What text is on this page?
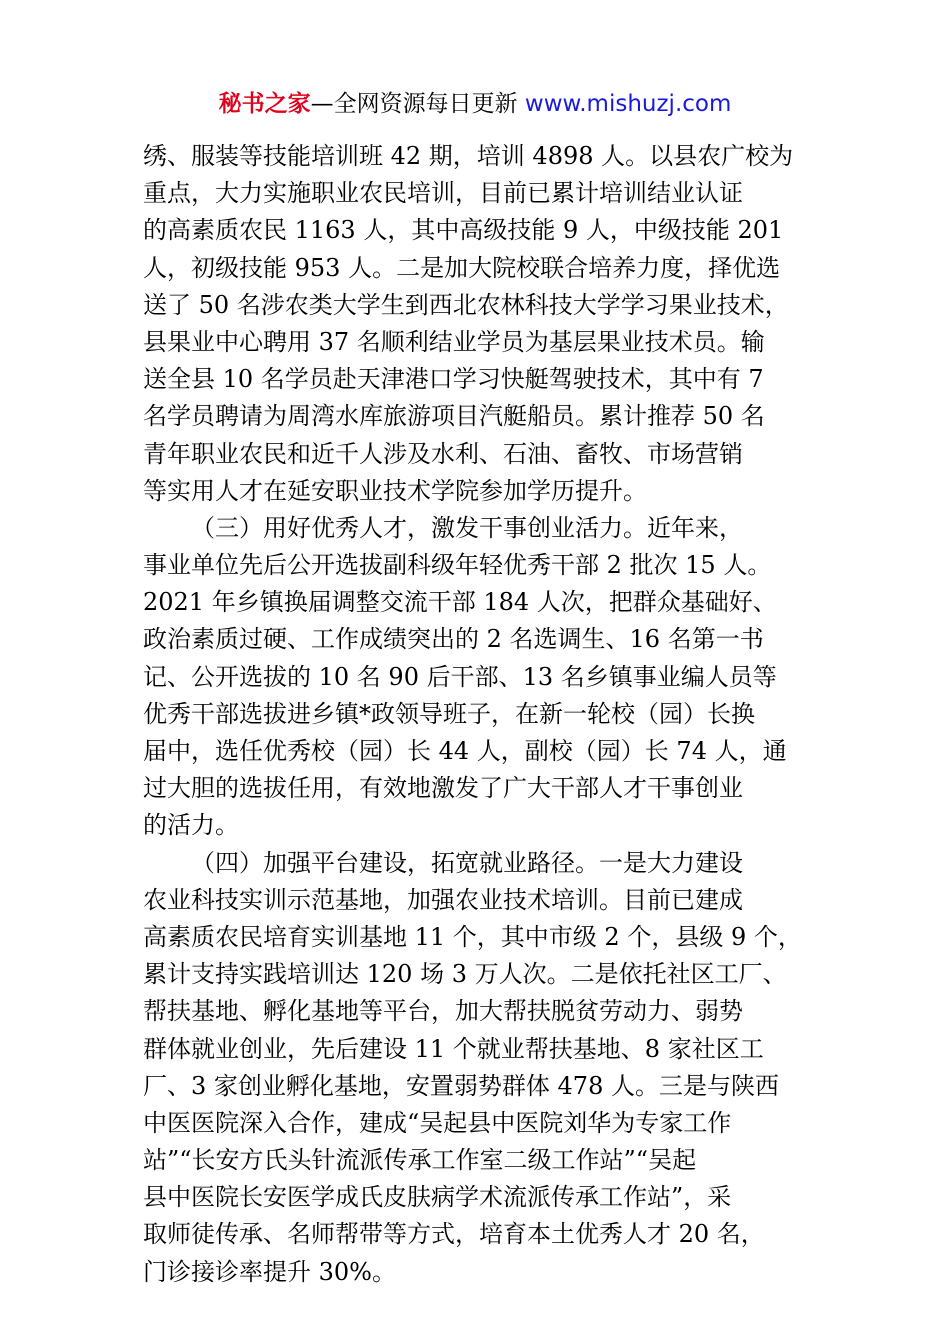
秘书之家—全网资源每日更新 www.mishuzj.com
绣、服装等技能培训班 42 期，培训 4898 人。以县农广校为
重点，大力实施职业农民培训，目前已累计培训结业认证
的高素质农民 1163 人，其中高级技能 9 人，中级技能 201
人，初级技能 953 人。二是加大院校联合培养力度，择优选
送了 50 名涉农类大学生到西北农林科技大学学习果业技术，
县果业中心聘用 37 名顺利结业学员为基层果业技术员。输
送全县 10 名学员赴天津港口学习快艇驾驶技术，其中有 7
名学员聘请为周湾水库旅游项目汽艇船员。累计推荐 50 名
青年职业农民和近千人涉及水利、石油、畜牧、市场营销
等实用人才在延安职业技术学院参加学历提升。
（三）用好优秀人才，激发干事创业活力。近年来，
事业单位先后公开选拔副科级年轻优秀干部 2 批次 15 人。
2021 年乡镇换届调整交流干部 184 人次，把群众基础好、
政治素质过硬、工作成绩突出的 2 名选调生、16 名第一书
记、公开选拔的 10 名 90 后干部、13 名乡镇事业编人员等
优秀干部选拔进乡镇*政领导班子，在新一轮校（园）长换
届中，选任优秀校（园）长 44 人，副校（园）长 74 人，通
过大胆的选拔任用，有效地激发了广大干部人才干事创业
的活力。
（四）加强平台建设，拓宽就业路径。一是大力建设
农业科技实训示范基地，加强农业技术培训。目前已建成
高素质农民培育实训基地 11 个，其中市级 2 个，县级 9 个，
累计支持实践培训达 120 场 3 万人次。二是依托社区工厂、
帮扶基地、孵化基地等平台，加大帮扶脱贫劳动力、弱势
群体就业创业，先后建设 11 个就业帮扶基地、8 家社区工
厂、3 家创业孵化基地，安置弱势群体 478 人。三是与陕西
中医医院深入合作，建成“吴起县中医院刘华为专家工作
站”“长安方氏头针流派传承工作室二级工作站”“吴起
县中医院长安医学成氏皮肤病学术流派传承工作站”，采
取师徒传承、名师帮带等方式，培育本土优秀人才 20 名，
门诊接诊率提升 30%。
